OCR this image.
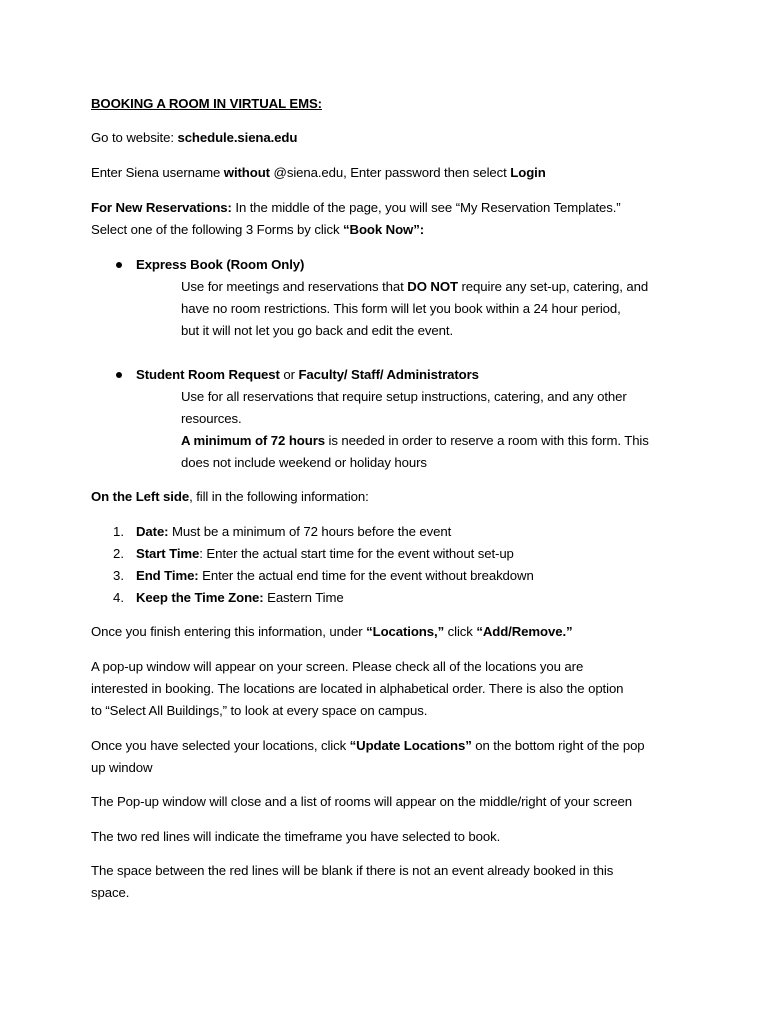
BOOKING A ROOM IN VIRTUAL EMS:
Go to website: schedule.siena.edu
Enter Siena username without @siena.edu, Enter password then select Login
For New Reservations: In the middle of the page, you will see “My Reservation Templates.”
Select one of the following 3 Forms by click “Book Now”:
Express Book (Room Only)
Use for meetings and reservations that DO NOT require any set-up, catering, and
have no room restrictions. This form will let you book within a 24 hour period,
but it will not let you go back and edit the event.
Student Room Request or Faculty/ Staff/ Administrators
Use for all reservations that require setup instructions, catering, and any other
resources.
A minimum of 72 hours is needed in order to reserve a room with this form. This
does not include weekend or holiday hours
On the Left side, fill in the following information:
1. Date: Must be a minimum of 72 hours before the event
2. Start Time: Enter the actual start time for the event without set-up
3. End Time: Enter the actual end time for the event without breakdown
4. Keep the Time Zone: Eastern Time
Once you finish entering this information, under “Locations,” click “Add/Remove.”
A pop-up window will appear on your screen. Please check all of the locations you are
interested in booking. The locations are located in alphabetical order. There is also the option
to “Select All Buildings,” to look at every space on campus.
Once you have selected your locations, click “Update Locations” on the bottom right of the pop
up window
The Pop-up window will close and a list of rooms will appear on the middle/right of your screen
The two red lines will indicate the timeframe you have selected to book.
The space between the red lines will be blank if there is not an event already booked in this
space.
